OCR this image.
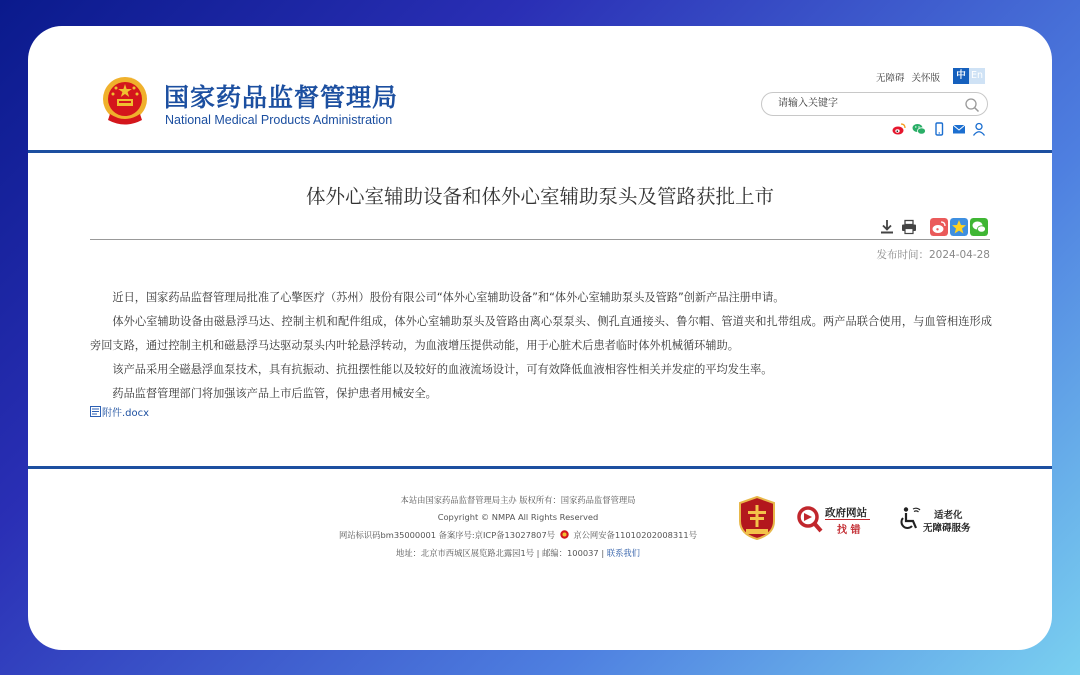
国家药品监督管理局
National Medical Products Administration
无障碍 关怀版	中 En
请输入关键字
体外心室辅助设备和体外心室辅助泵头及管路获批上市
发布时间：2024-04-28

近日，国家药品监督管理局批准了心擎医疗（苏州）股份有限公司“体外心室辅助设备”和“体外心室辅助泵头及管路”创新产品注册申请。

体外心室辅助设备由磁悬浮马达、控制主机和配件组成，体外心室辅助泵头及管路由离心泵泵头、侧孔直通接头、鲁尔帽、管道夹和扎带组成。两产品联合使用，与血管相连形成旁回支路，通过控制主机和磁悬浮马达驱动泵头内叶轮悬浮转动，为血液增压提供动能，用于心脏术后患者临时体外机械循环辅助。

该产品采用全磁悬浮血泵技术，具有抗振动、抗扭摆性能以及较好的血液流场设计，可有效降低血液相容性相关并发症的平均发生率。

药品监督管理部门将加强该产品上市后监管，保护患者用械安全。

附件.docx
本站由国家药品监督管理局主办 版权所有：国家药品监督管理局
Copyright © NMPA All Rights Reserved
网站标识码bm35000001 备案序号:京ICP备13027807号 京公网安备11010202008311号
地址：北京市西城区展览路北露园1号 | 邮编：100037 | 联系我们
政府网站
找 错
适老化
无障碍服务
